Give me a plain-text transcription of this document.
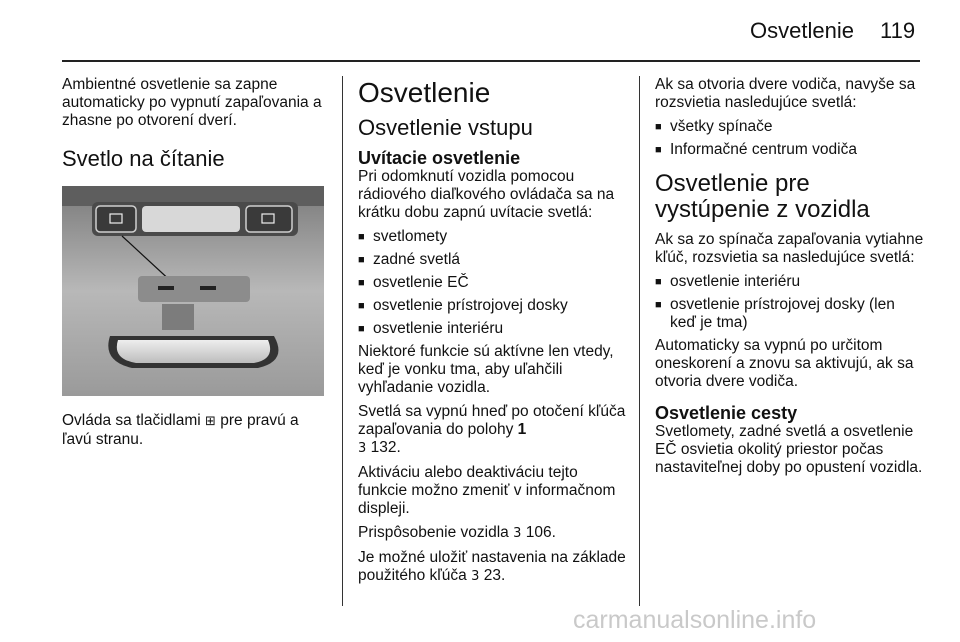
Osvetlenie 119

Ambientné osvetlenie sa zapne automaticky po vypnutí zapaľovania a zhasne po otvorení dverí.

Svetlo na čítanie

Ovláda sa tlačidlami ⊞ pre pravú a ľavú stranu.

Osvetlenie
Osvetlenie vstupu
Uvítacie osvetlenie

Pri odomknutí vozidla pomocou rádiového diaľkového ovládača sa na krátku dobu zapnú uvítacie svetlá:

■ svetlomety
■ zadné svetlá
■ osvetlenie EČ
■ osvetlenie prístrojovej dosky
■ osvetlenie interiéru

Niektoré funkcie sú aktívne len vtedy, keď je vonku tma, aby uľahčili vyhľadanie vozidla.

Svetlá sa vypnú hneď po otočení kľúča zapaľovania do polohy 1
3 132.

Aktiváciu alebo deaktiváciu tejto funkcie možno zmeniť v informačnom displeji.

Prispôsobenie vozidla 3 106.

Je možné uložiť nastavenia na základe použitého kľúča 3 23.

Ak sa otvoria dvere vodiča, navyše sa rozsvietia nasledujúce svetlá:

■ všetky spínače
■ Informačné centrum vodiča
Osvetlenie pre vystúpenie z vozidla

Ak sa zo spínača zapaľovania vytiahne kľúč, rozsvietia sa nasledujúce svetlá:

■ osvetlenie interiéru
■ osvetlenie prístrojovej dosky (len keď je tma)

Automaticky sa vypnú po určitom oneskorení a znovu sa aktivujú, ak sa otvoria dvere vodiča.

Osvetlenie cesty

Svetlomety, zadné svetlá a osvetlenie EČ osvietia okolitý priestor počas nastaviteľnej doby po opustení vozidla.

carmanualsonline.info
